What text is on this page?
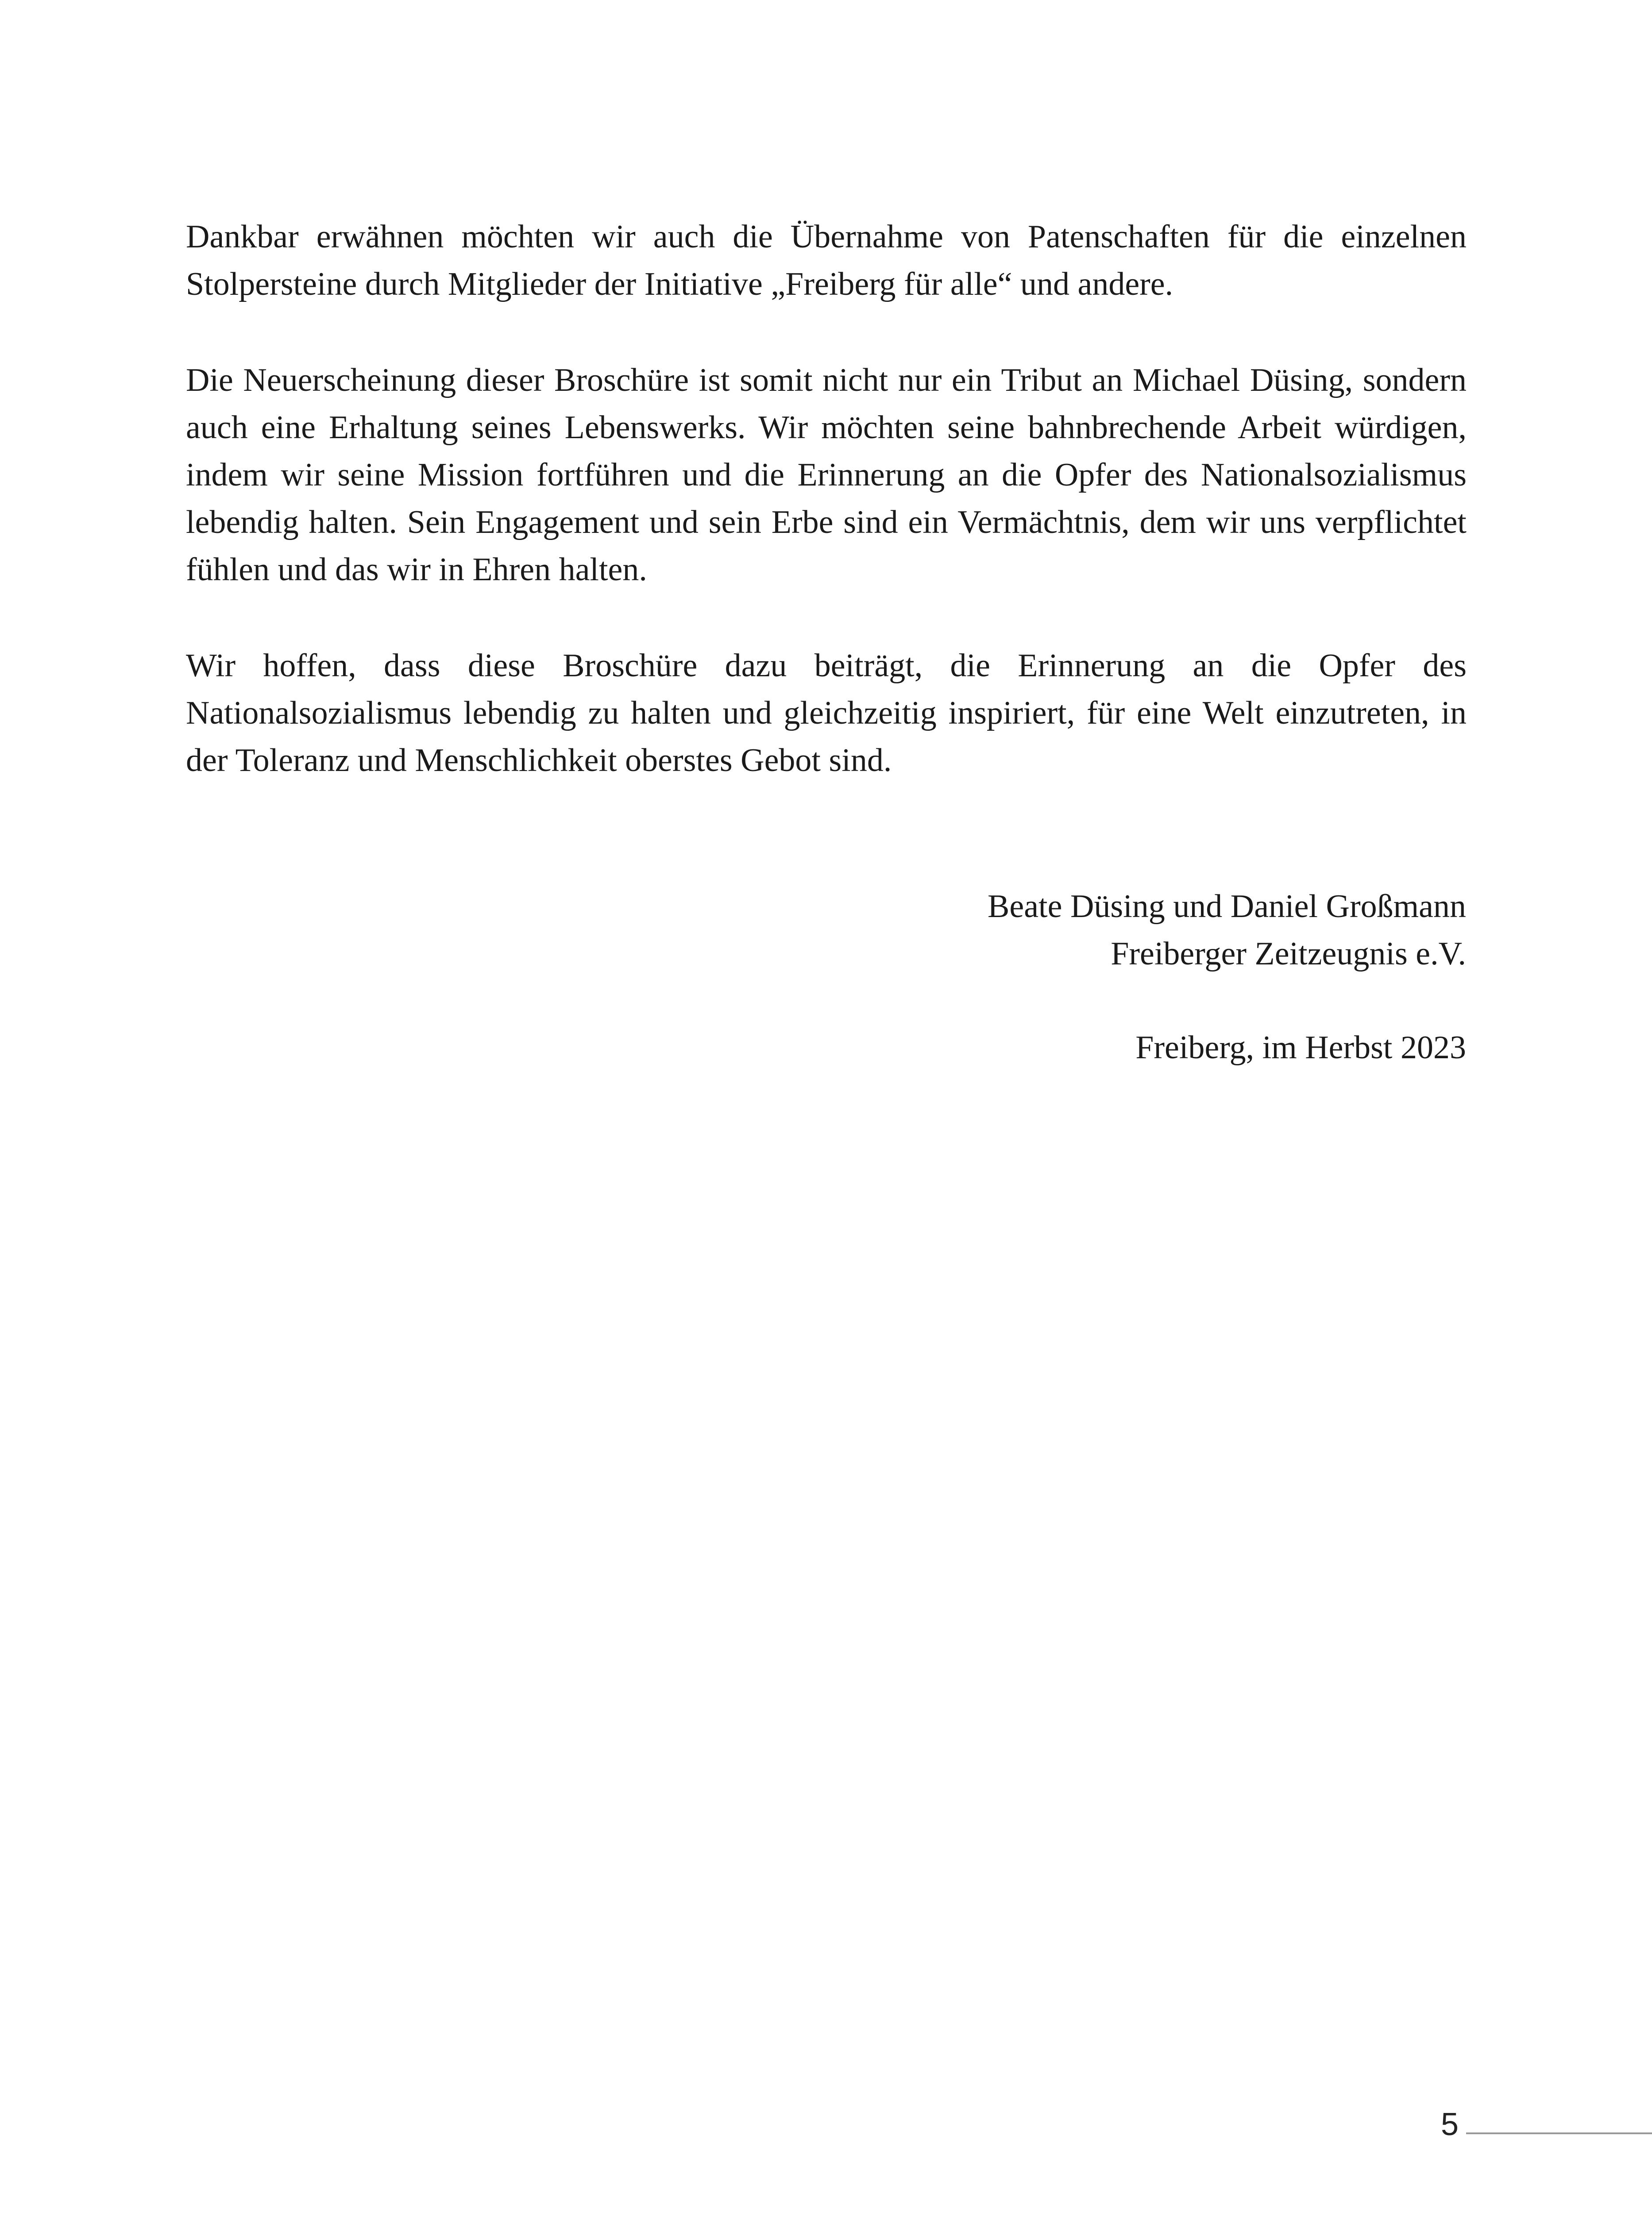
Dankbar erwähnen möchten wir auch die Übernahme von Patenschaften für die einzelnen Stolpersteine durch Mitglieder der Initiative „Freiberg für alle“ und andere.

Die Neuerscheinung dieser Broschüre ist somit nicht nur ein Tribut an Michael Düsing, sondern auch eine Erhaltung seines Lebenswerks. Wir möchten seine bahnbrechende Arbeit würdigen, indem wir seine Mission fortführen und die Erinnerung an die Opfer des Nationalsozialismus lebendig halten. Sein Engagement und sein Erbe sind ein Vermächtnis, dem wir uns verpflichtet fühlen und das wir in Ehren halten.

Wir hoffen, dass diese Broschüre dazu beiträgt, die Erinnerung an die Opfer des Nationalsozialismus lebendig zu halten und gleichzeitig inspiriert, für eine Welt einzutreten, in der Toleranz und Menschlichkeit oberstes Gebot sind.

Beate Düsing und Daniel Großmann
Freiberger Zeitzeugnis e.V.
Freiberg, im Herbst 2023
5
